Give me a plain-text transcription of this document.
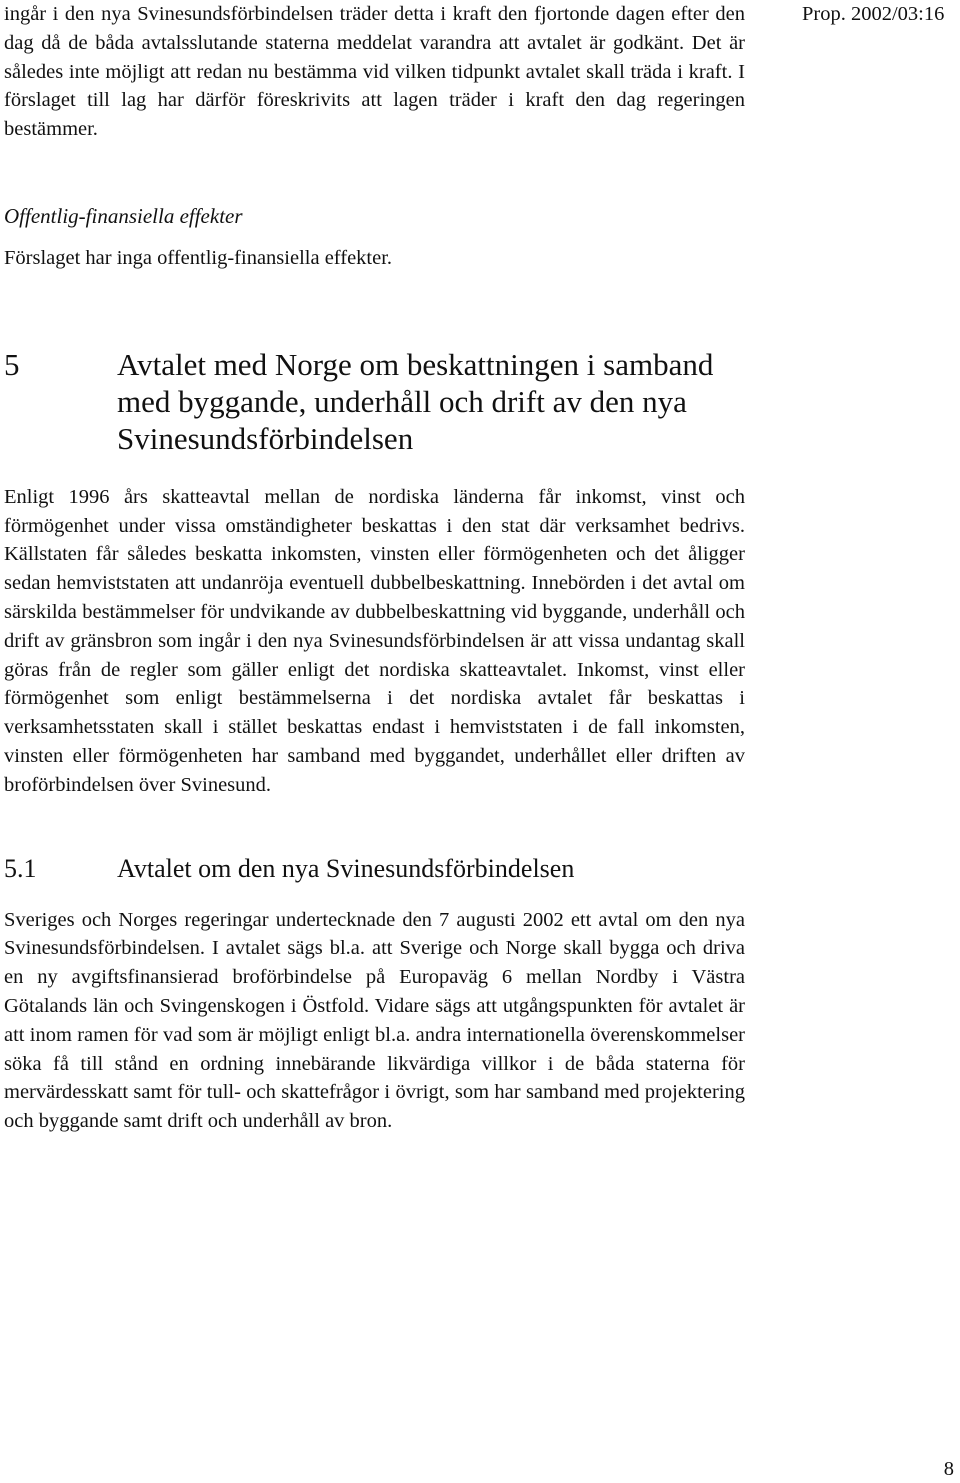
ingår i den nya Svinesundsförbindelsen träder detta i kraft den fjortonde dagen efter den dag då de båda avtalsslutande staterna meddelat varandra att avtalet är godkänt. Det är således inte möjligt att redan nu bestämma vid vilken tidpunkt avtalet skall träda i kraft. I förslaget till lag har därför föreskrivits att lagen träder i kraft den dag regeringen bestämmer.

Offentlig-finansiella effekter

Förslaget har inga offentlig-finansiella effekter.

5	Avtalet med Norge om beskattningen i samband med byggande, underhåll och drift av den nya Svinesundsförbindelsen

Enligt 1996 års skatteavtal mellan de nordiska länderna får inkomst, vinst och förmögenhet under vissa omständigheter beskattas i den stat där verksamhet bedrivs. Källstaten får således beskatta inkomsten, vinsten eller förmögenheten och det åligger sedan hemviststaten att undanröja eventuell dubbelbeskattning. Innebörden i det avtal om särskilda bestämmelser för undvikande av dubbelbeskattning vid byggande, underhåll och drift av gränsbron som ingår i den nya Svinesundsförbindelsen är att vissa undantag skall göras från de regler som gäller enligt det nordiska skatteavtalet. Inkomst, vinst eller förmögenhet som enligt bestämmelserna i det nordiska avtalet får beskattas i verksamhetsstaten skall i stället beskattas endast i hemviststaten i de fall inkomsten, vinsten eller förmögenheten har samband med byggandet, underhållet eller driften av broförbindelsen över Svinesund.

5.1	Avtalet om den nya Svinesundsförbindelsen

Sveriges och Norges regeringar undertecknade den 7 augusti 2002 ett avtal om den nya Svinesundsförbindelsen. I avtalet sägs bl.a. att Sverige och Norge skall bygga och driva en ny avgiftsfinansierad broförbindelse på Europaväg 6 mellan Nordby i Västra Götalands län och Svingenskogen i Östfold. Vidare sägs att utgångspunkten för avtalet är att inom ramen för vad som är möjligt enligt bl.a. andra internationella överenskommelser söka få till stånd en ordning innebärande likvärdiga villkor i de båda staterna för mervärdesskatt samt för tull- och skattefrågor i övrigt, som har samband med projektering och byggande samt drift och underhåll av bron.

Prop. 2002/03:16
8
